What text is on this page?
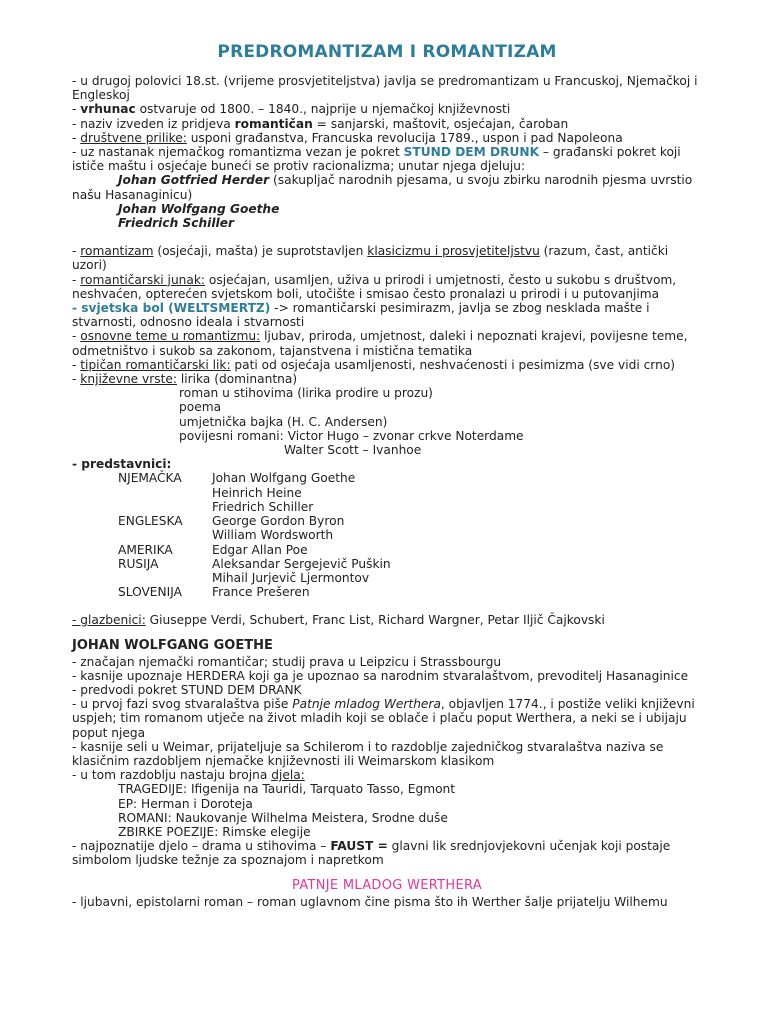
PREDROMANTIZAM I ROMANTIZAM

- u drugoj polovici 18.st. (vrijeme prosvjetiteljstva) javlja se predromantizam u Francuskoj, Njemačkoj i Engleskoj

- vrhunac ostvaruje od 1800. – 1840., najprije u njemačkoj književnosti

- naziv izveden iz pridjeva romantičan = sanjarski, maštovit, osjećajan, čaroban

- društvene prilike: usponi građanstva, Francuska revolucija 1789., uspon i pad Napoleona

- uz nastanak njemačkog romantizma vezan je pokret STUND DEM DRUNK – građanski pokret koji ističe maštu i osjećaje buneći se protiv racionalizma; unutar njega djeluju:

Johan Gotfried Herder (sakupljač narodnih pjesama, u svoju zbirku narodnih pjesma uvrstio našu Hasanaginicu)

Johan Wolfgang Goethe

Friedrich Schiller

- romantizam (osjećaji, mašta) je suprotstavljen klasicizmu i prosvjetiteljstvu (razum, čast, antički uzori)

- romantičarski junak: osjećajan, usamljen, uživa u prirodi i umjetnosti, često u sukobu s društvom, neshvaćen, opterećen svjetskom boli, utočište i smisao često pronalazi u prirodi i u putovanjima

- svjetska bol (WELTSMERTZ) -> romantičarski pesimirazm, javlja se zbog nesklada mašte i stvarnosti, odnosno ideala i stvarnosti

- osnovne teme u romantizmu: ljubav, priroda, umjetnost, daleki i nepoznati krajevi, povijesne teme, odmetništvo i sukob sa zakonom, tajanstvena i mistična tematika

- tipičan romantičarski lik: pati od osjećaja usamljenosti, neshvaćenosti i pesimizma (sve vidi crno)

- književne vrste: lirika (dominantna)

roman u stihovima (lirika prodire u prozu)

poema

umjetnička bajka (H. C. Andersen)

povijesni romani: Victor Hugo – zvonar crkve Noterdame

Walter Scott – Ivanhoe

- predstavnici:

NJEMAČKA	Johan Wolfgang Goethe
Heinrich Heine
Friedrich Schiller
ENGLESKA	George Gordon Byron
William Wordsworth
AMERIKA	Edgar Allan Poe
RUSIJA	Aleksandar Sergejevič Puškin
Mihail Jurjevič Ljermontov
SLOVENIJA	France Prešeren

- glazbenici: Giuseppe Verdi, Schubert, Franc List, Richard Wargner, Petar Iljič Čajkovski

JOHAN WOLFGANG GOETHE

- značajan njemački romantičar; studij prava u Leipzicu i Strassbourgu

- kasnije upoznaje HERDERA koji ga je upoznao sa narodnim stvaralaštvom, prevoditelj Hasanaginice

- predvodi pokret STUND DEM DRANK

- u prvoj fazi svog stvaralaštva piše Patnje mladog Werthera, objavljen 1774., i postiže veliki književni uspjeh; tim romanom utječe na život mladih koji se oblače i plaču poput Werthera, a neki se i ubijaju poput njega

- kasnije seli u Weimar, prijateljuje sa Schilerom i to razdoblje zajedničkog stvaralaštva naziva se klasičnim razdobljem njemačke književnosti ili Weimarskom klasikom

- u tom razdoblju nastaju brojna djela:

TRAGEDIJE: Ifigenija na Tauridi, Tarquato Tasso, Egmont

EP: Herman i Doroteja

ROMANI: Naukovanje Wilhelma Meistera, Srodne duše

ZBIRKE POEZIJE: Rimske elegije

- najpoznatije djelo – drama u stihovima – FAUST = glavni lik srednjovjekovni učenjak koji postaje simbolom ljudske težnje za spoznajom i napretkom

PATNJE MLADOG WERTHERA

- ljubavni, epistolarni roman – roman uglavnom čine pisma što ih Werther šalje prijatelju Wilhemu
